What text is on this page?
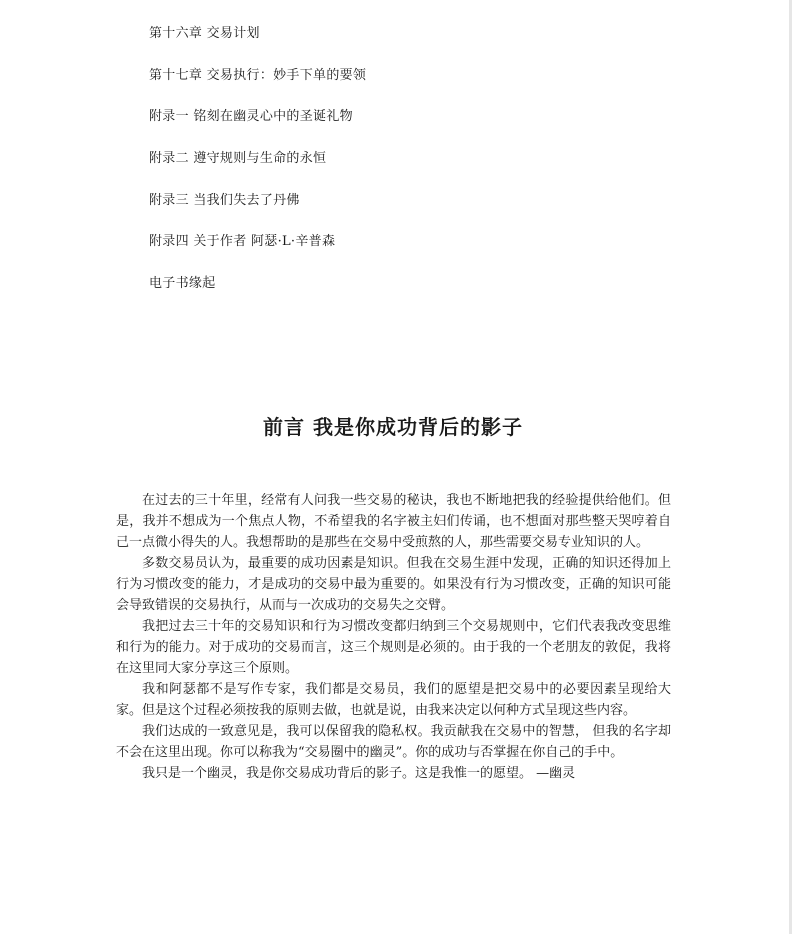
第十六章 交易计划
第十七章 交易执行：妙手下单的要领
附录一 铭刻在幽灵心中的圣诞礼物
附录二 遵守规则与生命的永恒
附录三 当我们失去了丹佛
附录四 关于作者 阿瑟·L·辛普森
电子书缘起
前言 我是你成功背后的影子

在过去的三十年里，经常有人问我一些交易的秘诀，我也不断地把我的经验提供给他们。但是，我并不想成为一个焦点人物，不希望我的名字被主妇们传诵，也不想面对那些整天哭哼着自己一点微小得失的人。我想帮助的是那些在交易中受煎熬的人，那些需要交易专业知识的人。

多数交易员认为，最重要的成功因素是知识。但我在交易生涯中发现，正确的知识还得加上行为习惯改变的能力，才是成功的交易中最为重要的。如果没有行为习惯改变，正确的知识可能会导致错误的交易执行，从而与一次成功的交易失之交臂。

我把过去三十年的交易知识和行为习惯改变都归纳到三个交易规则中，它们代表我改变思维和行为的能力。对于成功的交易而言，这三个规则是必须的。由于我的一个老朋友的敦促，我将在这里同大家分享这三个原则。

我和阿瑟都不是写作专家，我们都是交易员，我们的愿望是把交易中的必要因素呈现给大家。但是这个过程必须按我的原则去做，也就是说，由我来决定以何种方式呈现这些内容。

我们达成的一致意见是，我可以保留我的隐私权。我贡献我在交易中的智慧， 但我的名字却不会在这里出现。你可以称我为“交易圈中的幽灵”。你的成功与否掌握在你自己的手中。

我只是一个幽灵，我是你交易成功背后的影子。这是我惟一的愿望。 —幽灵
